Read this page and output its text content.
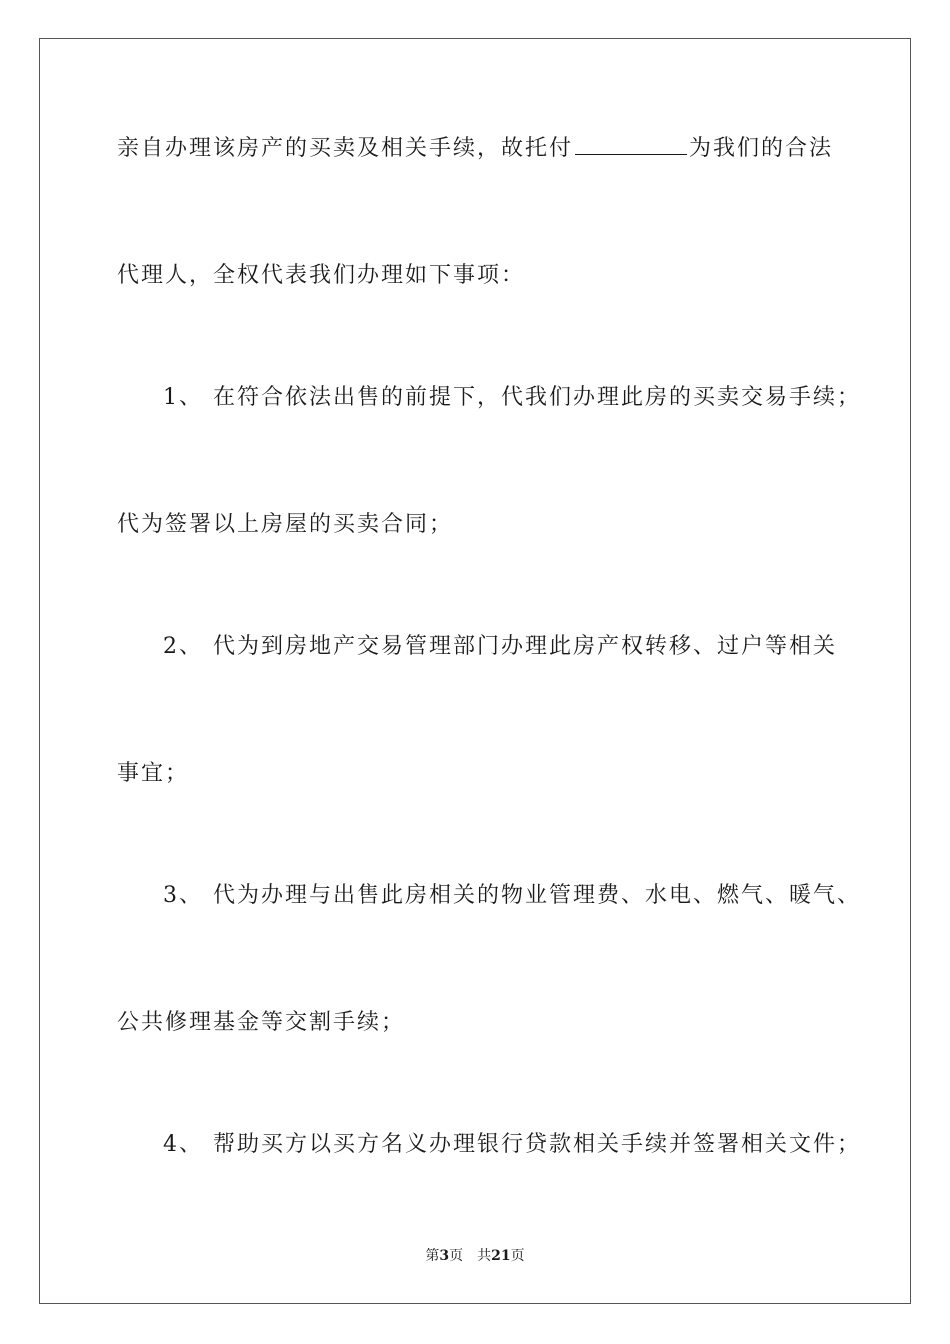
亲自办理该房产的买卖及相关手续，故托付	为我们的合法
代理人，全权代表我们办理如下事项：
1、 在符合依法出售的前提下，代我们办理此房的买卖交易手续；
代为签署以上房屋的买卖合同；
2、 代为到房地产交易管理部门办理此房产权转移、过户等相关
事宜；
3、 代为办理与出售此房相关的物业管理费、水电、燃气、暖气、
公共修理基金等交割手续；
4、 帮助买方以买方名义办理银行贷款相关手续并签署相关文件；
第3页 共21页
